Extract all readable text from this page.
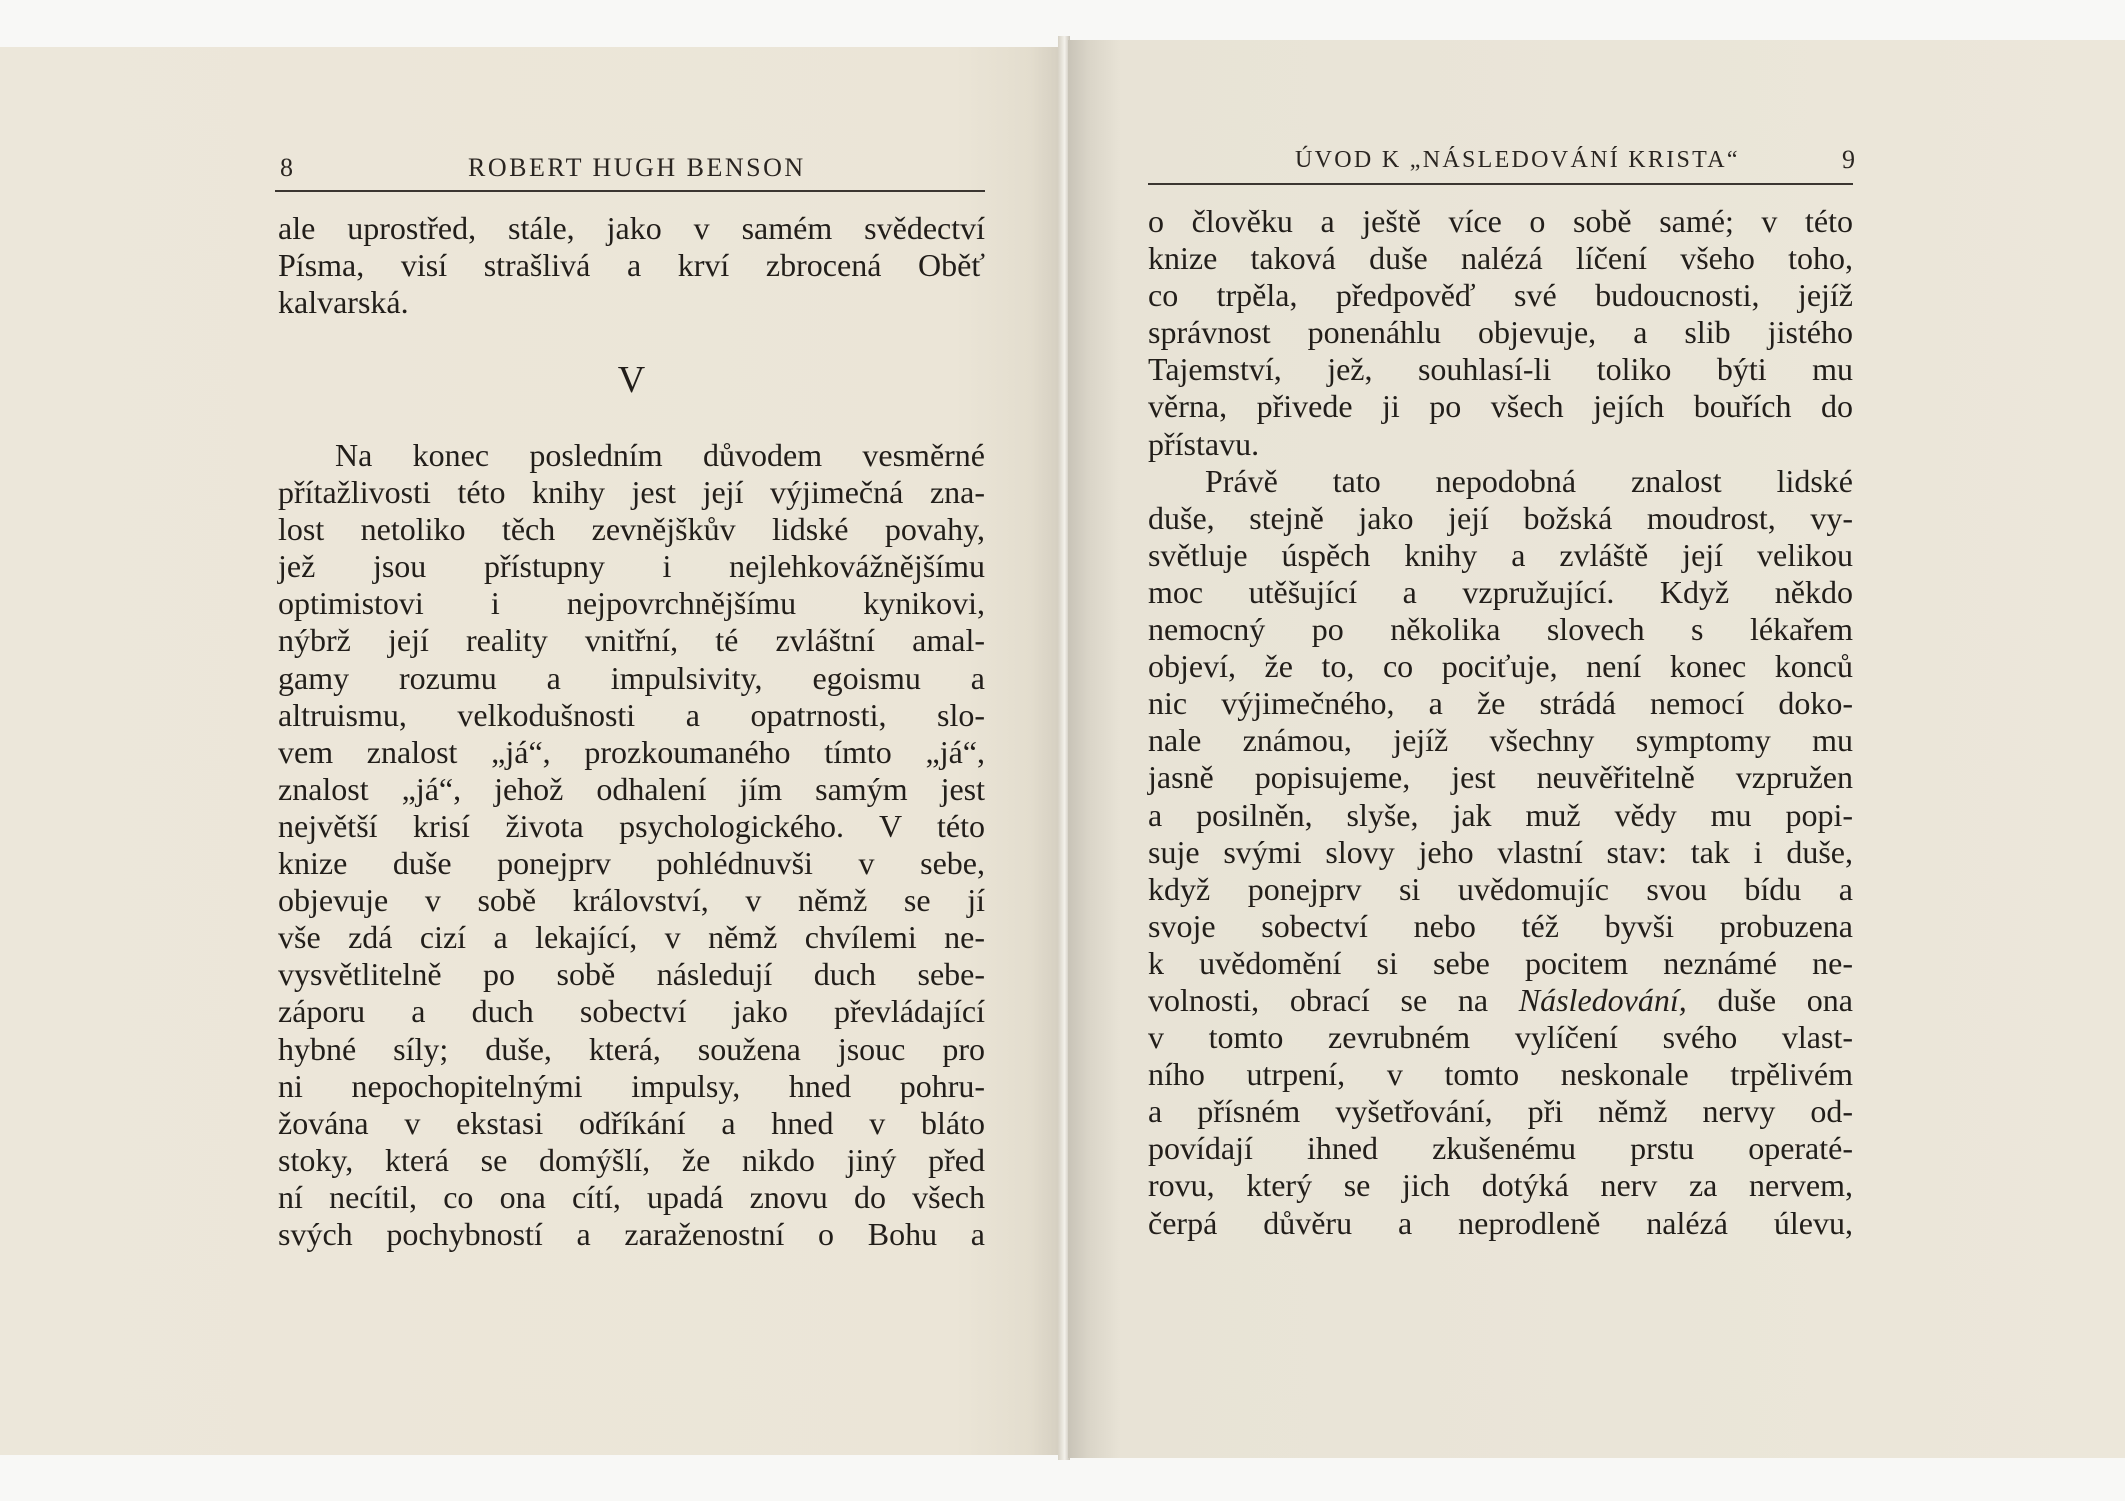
8	ROBERT HUGH BENSON
ale uprostřed, stále, jako v samém svědectví
Písma, visí strašlivá a krví zbrocená Oběť
kalvarská.
V
Na konec posledním důvodem vesměrné
přítažlivosti této knihy jest její výjimečná zna-
lost netoliko těch zevnějškův lidské povahy,
jež jsou přístupny i nejlehkovážnějšímu
optimistovi i nejpovrchnějšímu kynikovi,
nýbrž její reality vnitřní, té zvláštní amal-
gamy rozumu a impulsivity, egoismu a
altruismu, velkodušnosti a opatrnosti, slo-
vem znalost „já“, prozkoumaného tímto „já“,
znalost „já“, jehož odhalení jím samým jest
největší krisí života psychologického. V této
knize duše ponejprv pohlédnuvši v sebe,
objevuje v sobě království, v němž se jí
vše zdá cizí a lekající, v němž chvílemi ne-
vysvětlitelně po sobě následují duch sebe-
záporu a duch sobectví jako převládající
hybné síly; duše, která, soužena jsouc pro
ni nepochopitelnými impulsy, hned pohru-
žována v ekstasi odříkání a hned v bláto
stoky, která se domýšlí, že nikdo jiný před
ní necítil, co ona cítí, upadá znovu do všech
svých pochybností a zaraženostní o Bohu a
ÚVOD K „NÁSLEDOVÁNÍ KRISTA“	9
o člověku a ještě více o sobě samé; v této
knize taková duše nalézá líčení všeho toho,
co trpěla, předpověď své budoucnosti, jejíž
správnost ponenáhlu objevuje, a slib jistého
Tajemství, jež, souhlasí-li toliko býti mu
věrna, přivede ji po všech jejích bouřích do
přístavu.
Právě tato nepodobná znalost lidské
duše, stejně jako její božská moudrost, vy-
světluje úspěch knihy a zvláště její velikou
moc utěšující a vzpružující. Když někdo
nemocný po několika slovech s lékařem
objeví, že to, co pociťuje, není konec konců
nic výjimečného, a že strádá nemocí doko-
nale známou, jejíž všechny symptomy mu
jasně popisujeme, jest neuvěřitelně vzpružen
a posilněn, slyše, jak muž vědy mu popi-
suje svými slovy jeho vlastní stav: tak i duše,
když ponejprv si uvědomujíc svou bídu a
svoje sobectví nebo též byvši probuzena
k uvědomění si sebe pocitem neznámé ne-
volnosti, obrací se na Následování, duše ona
v tomto zevrubném vylíčení svého vlast-
ního utrpení, v tomto neskonale trpělivém
a přísném vyšetřování, při němž nervy od-
povídají ihned zkušenému prstu operaté-
rovu, který se jich dotýká nerv za nervem,
čerpá důvěru a neprodleně nalézá úlevu,
